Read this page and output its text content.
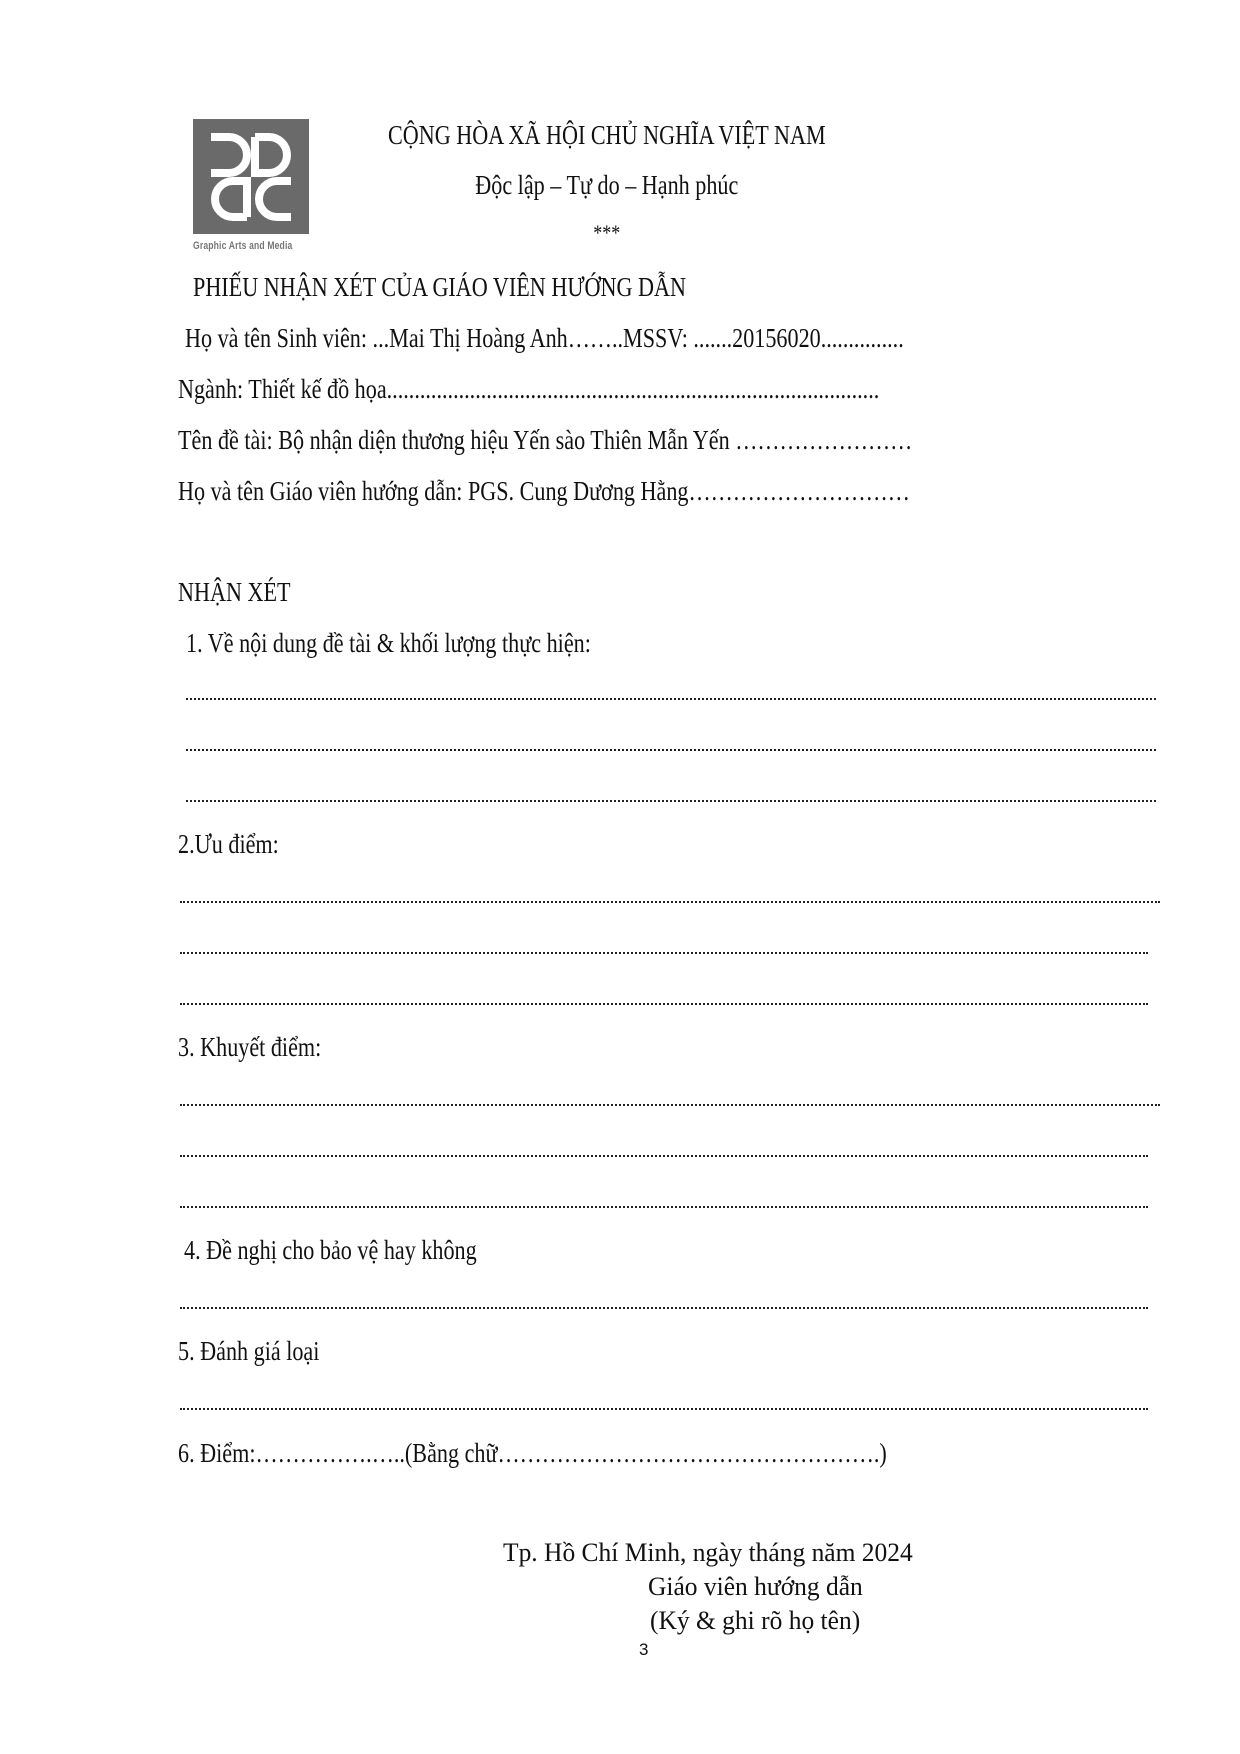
Graphic Arts and Media
CỘNG HÒA XÃ HỘI CHỦ NGHĨA VIỆT NAM
Độc lập – Tự do – Hạnh phúc
***
PHIẾU NHẬN XÉT CỦA GIÁO VIÊN HƯỚNG DẪN
Họ và tên Sinh viên: ...Mai Thị Hoàng Anh……..MSSV: .......20156020...............
Ngành: Thiết kế đồ họa.........................................................................................
Tên đề tài: Bộ nhận diện thương hiệu Yến sào Thiên Mẫn Yến ……………………
Họ và tên Giáo viên hướng dẫn: PGS. Cung Dương Hằng…………………………
NHẬN XÉT
1. Về nội dung đề tài & khối lượng thực hiện:
2.Ưu điểm:
3. Khuyết điểm:
4. Đề nghị cho bảo vệ hay không
5. Đánh giá loại
6. Điểm:…………….…..(Bằng chữ…………………………………………….)
Tp. Hồ Chí Minh, ngày tháng năm 2024
Giáo viên hướng dẫn
(Ký & ghi rõ họ tên)
3
